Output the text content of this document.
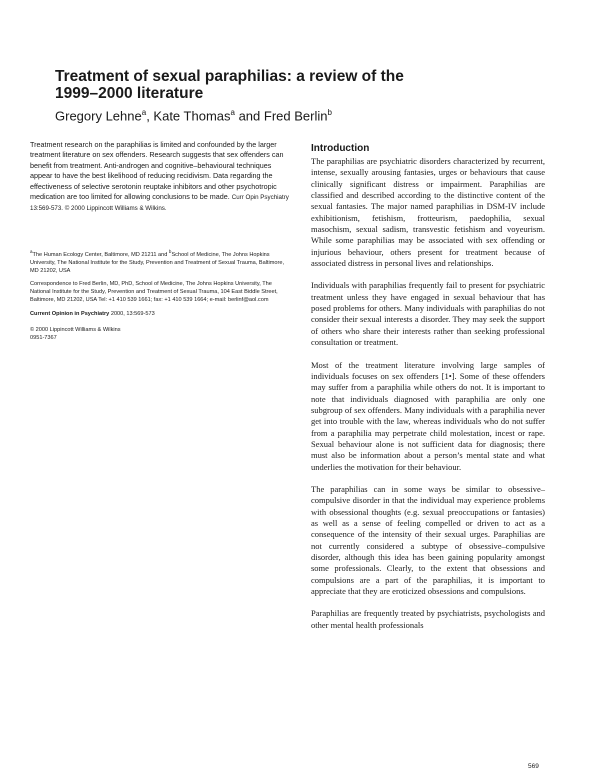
Treatment of sexual paraphilias: a review of the
1999–2000 literature
Gregory Lehne$^a$, Kate Thomas$^a$ and Fred Berlin$^b$

Treatment research on the paraphilias is limited and confounded by the larger treatment literature on sex offenders. Research suggests that sex offenders can benefit from treatment. Anti-androgen and cognitive–behavioural techniques appear to have the best likelihood of reducing recidivism. Data regarding the effectiveness of selective serotonin reuptake inhibitors and other psychotropic medication are too limited for allowing conclusions to be made. Curr Opin Psychiatry 13:569-573. © 2000 Lippincott Williams & Wilkins.

$^a$The Human Ecology Center, Baltimore, MD 21211 and $^b$School of Medicine, The Johns Hopkins University, The National Institute for the Study, Prevention and Treatment of Sexual Trauma, Baltimore, MD 21202, USA

Correspondence to Fred Berlin, MD, PhD, School of Medicine, The Johns Hopkins University, The National Institute for the Study, Prevention and Treatment of Sexual Trauma, 104 East Biddle Street, Baltimore, MD 21202, USA Tel: +1 410 539 1661; fax: +1 410 539 1664; e-mail: berlinf@aol.com

Current Opinion in Psychiatry 2000, 13:569-573

© 2000 Lippincott Williams & Wilkins
0951-7367

Introduction

The paraphilias are psychiatric disorders characterized by recurrent, intense, sexually arousing fantasies, urges or behaviours that cause clinically significant distress or impairment. Paraphilias are classified and described according to the distinctive content of the sexual fantasies. The major named paraphilias in DSM-IV include exhibitionism, fetishism, frotteurism, paedophilia, sexual masochism, sexual sadism, transvestic fetishism and voyeurism. While some paraphilias may be associated with sex offending or injurious behaviour, others present for treatment because of associated distress in personal lives and relationships.

Individuals with paraphilias frequently fail to present for psychiatric treatment unless they have engaged in sexual behaviour that has posed problems for others. Many individuals with paraphilias do not consider their sexual interests a disorder. They may seek the support of others who share their interests rather than seeking professional consultation or treatment.

Most of the treatment literature involving large samples of individuals focuses on sex offenders [1•]. Some of these offenders may suffer from a paraphilia while others do not. It is important to note that individuals diagnosed with paraphilia are only one subgroup of sex offenders. Many individuals with a paraphilia never get into trouble with the law, whereas individuals who do not suffer from a paraphilia may perpetrate child molestation, incest or rape. Sexual behaviour alone is not sufficient data for diagnosis; there must also be information about a person’s mental state and what underlies the motivation for their behaviour.

The paraphilias can in some ways be similar to obsessive–compulsive disorder in that the individual may experience problems with obsessional thoughts (e.g. sexual preoccupations or fantasies) as well as a sense of feeling compelled or driven to act as a consequence of the intensity of their sexual urges. Paraphilias are not currently considered a subtype of obsessive–compulsive disorder, although this idea has been gaining popularity amongst some professionals. Clearly, to the extent that obsessions and compulsions are a part of the paraphilias, it is important to appreciate that they are eroticized obsessions and compulsions.

Paraphilias are frequently treated by psychiatrists, psychologists and other mental health professionals

569
